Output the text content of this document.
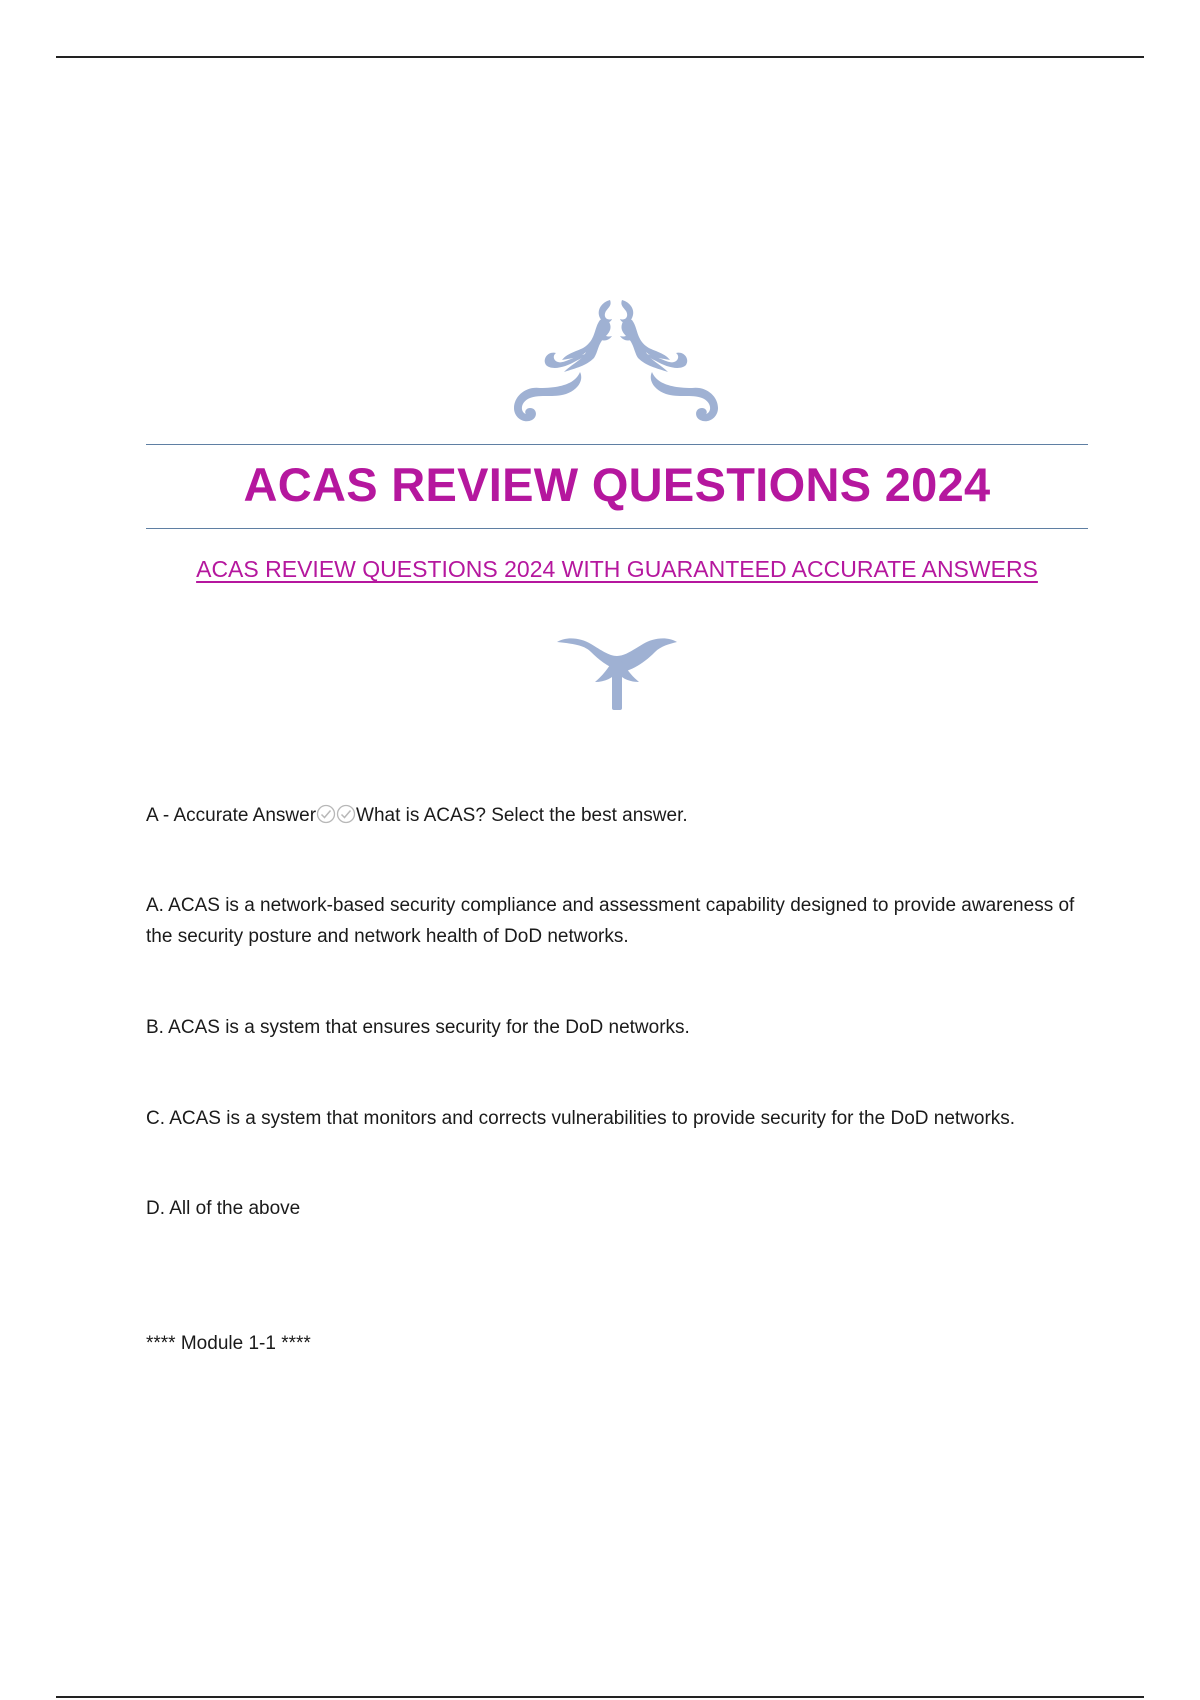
ACAS REVIEW QUESTIONS 2024
ACAS REVIEW QUESTIONS 2024 WITH GUARANTEED ACCURATE ANSWERS
A - Accurate Answer What is ACAS? Select the best answer.
A. ACAS is a network-based security compliance and assessment capability designed to provide awareness of the security posture and network health of DoD networks.
B. ACAS is a system that ensures security for the DoD networks.
C. ACAS is a system that monitors and corrects vulnerabilities to provide security for the DoD networks.
D. All of the above
**** Module 1-1 ****
